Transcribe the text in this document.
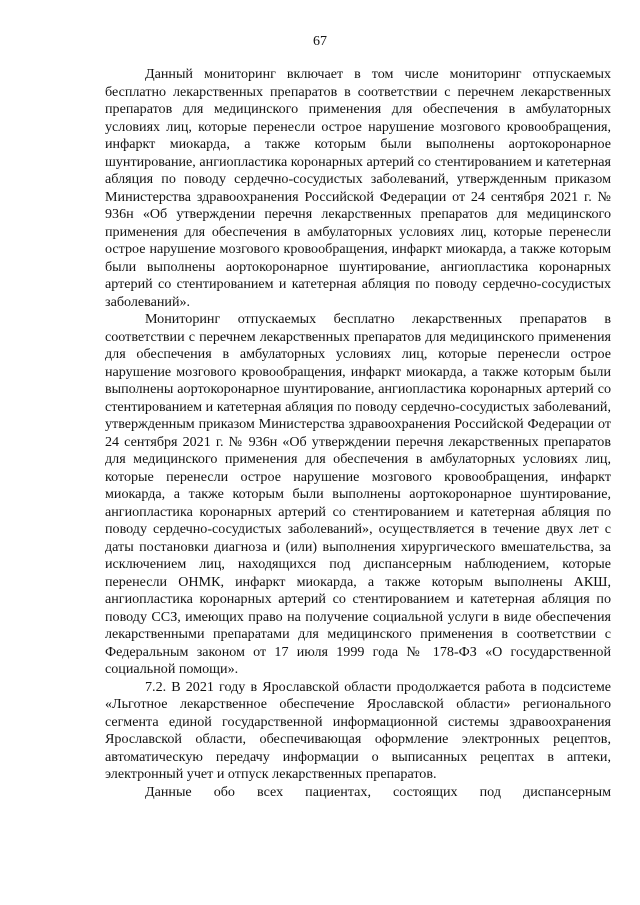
67

Данный мониторинг включает в том числе мониторинг отпускаемых бесплатно лекарственных препаратов в соответствии с перечнем лекарственных препаратов для медицинского применения для обеспечения в амбулаторных условиях лиц, которые перенесли острое нарушение мозгового кровообращения, инфаркт миокарда, а также которым были выполнены аортокоронарное шунтирование, ангиопластика коронарных артерий со стентированием и катетерная абляция по поводу сердечно-сосудистых заболеваний, утвержденным приказом Министерства здравоохранения Российской Федерации от 24 сентября 2021 г. № 936н «Об утверждении перечня лекарственных препаратов для медицинского применения для обеспечения в амбулаторных условиях лиц, которые перенесли острое нарушение мозгового кровообращения, инфаркт миокарда, а также которым были выполнены аортокоронарное шунтирование, ангиопластика коронарных артерий со стентированием и катетерная абляция по поводу сердечно-сосудистых заболеваний».

Мониторинг отпускаемых бесплатно лекарственных препаратов в соответствии с перечнем лекарственных препаратов для медицинского применения для обеспечения в амбулаторных условиях лиц, которые перенесли острое нарушение мозгового кровообращения, инфаркт миокарда, а также которым были выполнены аортокоронарное шунтирование, ангиопластика коронарных артерий со стентированием и катетерная абляция по поводу сердечно-сосудистых заболеваний, утвержденным приказом Министерства здравоохранения Российской Федерации от 24 сентября 2021 г. № 936н «Об утверждении перечня лекарственных препаратов для медицинского применения для обеспечения в амбулаторных условиях лиц, которые перенесли острое нарушение мозгового кровообращения, инфаркт миокарда, а также которым были выполнены аортокоронарное шунтирование, ангиопластика коронарных артерий со стентированием и катетерная абляция по поводу сердечно-сосудистых заболеваний», осуществляется в течение двух лет с даты постановки диагноза и (или) выполнения хирургического вмешательства, за исключением лиц, находящихся под диспансерным наблюдением, которые перенесли ОНМК, инфаркт миокарда, а также которым выполнены АКШ, ангиопластика коронарных артерий со стентированием и катетерная абляция по поводу ССЗ, имеющих право на получение социальной услуги в виде обеспечения лекарственными препаратами для медицинского применения в соответствии с Федеральным законом от 17 июля 1999 года № 178-ФЗ «О государственной социальной помощи».

7.2. В 2021 году в Ярославской области продолжается работа в подсистеме «Льготное лекарственное обеспечение Ярославской области» регионального сегмента единой государственной информационной системы здравоохранения Ярославской области, обеспечивающая оформление электронных рецептов, автоматическую передачу информации о выписанных рецептах в аптеки, электронный учет и отпуск лекарственных препаратов.

Данные обо всех пациентах, состоящих под диспансерным
